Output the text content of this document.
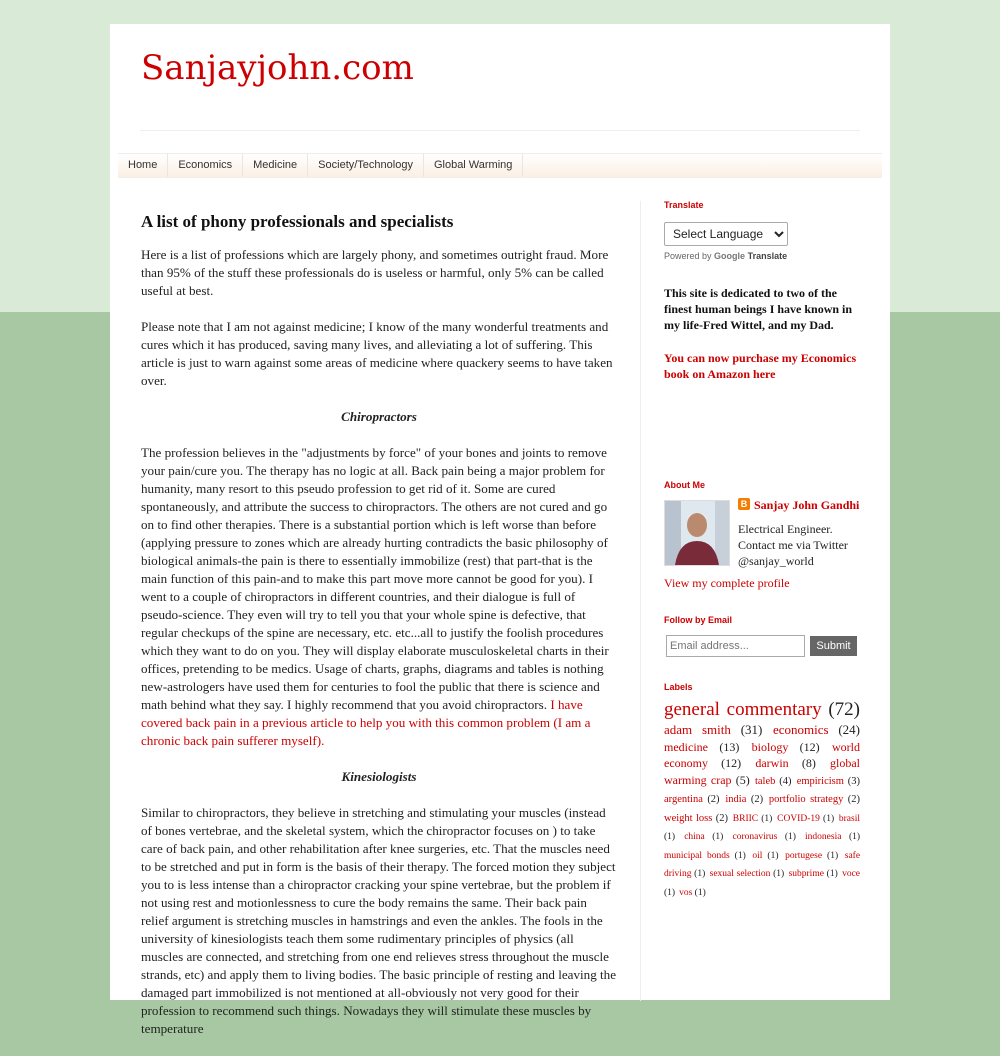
Sanjayjohn.com
Home	Economics	Medicine	Society/Technology	Global Warming
A list of phony professionals and specialists

Here is a list of professions which are largely phony, and sometimes outright fraud. More than 95% of the stuff these professionals do is useless or harmful, only 5% can be called useful at best.

Please note that I am not against medicine; I know of the many wonderful treatments and cures which it has produced, saving many lives, and alleviating a lot of suffering. This article is just to warn against some areas of medicine where quackery seems to have taken over.

Chiropractors

The profession believes in the "adjustments by force" of your bones and joints to remove your pain/cure you. The therapy has no logic at all. Back pain being a major problem for humanity, many resort to this pseudo profession to get rid of it. Some are cured spontaneously, and attribute the success to chiropractors. The others are not cured and go on to find other therapies. There is a substantial portion which is left worse than before (applying pressure to zones which are already hurting contradicts the basic philosophy of biological animals-the pain is there to essentially immobilize (rest) that part-that is the main function of this pain-and to make this part move more cannot be good for you). I went to a couple of chiropractors in different countries, and their dialogue is full of pseudo-science. They even will try to tell you that your whole spine is defective, that regular checkups of the spine are necessary, etc. etc...all to justify the foolish procedures which they want to do on you. They will display elaborate musculoskeletal charts in their offices, pretending to be medics. Usage of charts, graphs, diagrams and tables is nothing new-astrologers have used them for centuries to fool the public that there is science and math behind what they say. I highly recommend that you avoid chiropractors. I have covered back pain in a previous article to help you with this common problem (I am a chronic back pain sufferer myself).

Kinesiologists

Similar to chiropractors, they believe in stretching and stimulating your muscles (instead of bones vertebrae, and the skeletal system, which the chiropractor focuses on ) to take care of back pain, and other rehabilitation after knee surgeries, etc. That the muscles need to be stretched and put in form is the basis of their therapy. The forced motion they subject you to is less intense than a chiropractor cracking your spine vertebrae, but the problem if not using rest and motionlessness to cure the body remains the same. Their back pain relief argument is stretching muscles in hamstrings and even the ankles. The fools in the university of kinesiologists teach them some rudimentary principles of physics (all muscles are connected, and stretching from one end relieves stress throughout the muscle strands, etc) and apply them to living bodies. The basic principle of resting and leaving the damaged part immobilized is not mentioned at all-obviously not very good for their profession to recommend such things. Nowadays they will stimulate these muscles by temperature

Translate
Select Language
Powered by Google Translate

This site is dedicated to two of the finest human beings I have known in my life-Fred Wittel, and my Dad.

You can now purchase my Economics book on Amazon here
About Me
B Sanjay John Gandhi

Electrical Engineer. Contact me via Twitter @sanjay_world

View my complete profile
Follow by Email
Email address...
Submit
Labels
general commentary (72) adam smith (31) economics (24) medicine (13) biology (12) world economy (12) darwin (8) global warming crap (5) taleb (4) empiricism (3) argentina (2) india (2) portfolio strategy (2) weight loss (2) BRIIC (1) COVID-19 (1) brasil (1) china (1) coronavirus (1) indonesia (1) municipal bonds (1) oil (1) portugese (1) safe driving (1) sexual selection (1) subprime (1) voce (1) vos (1)
